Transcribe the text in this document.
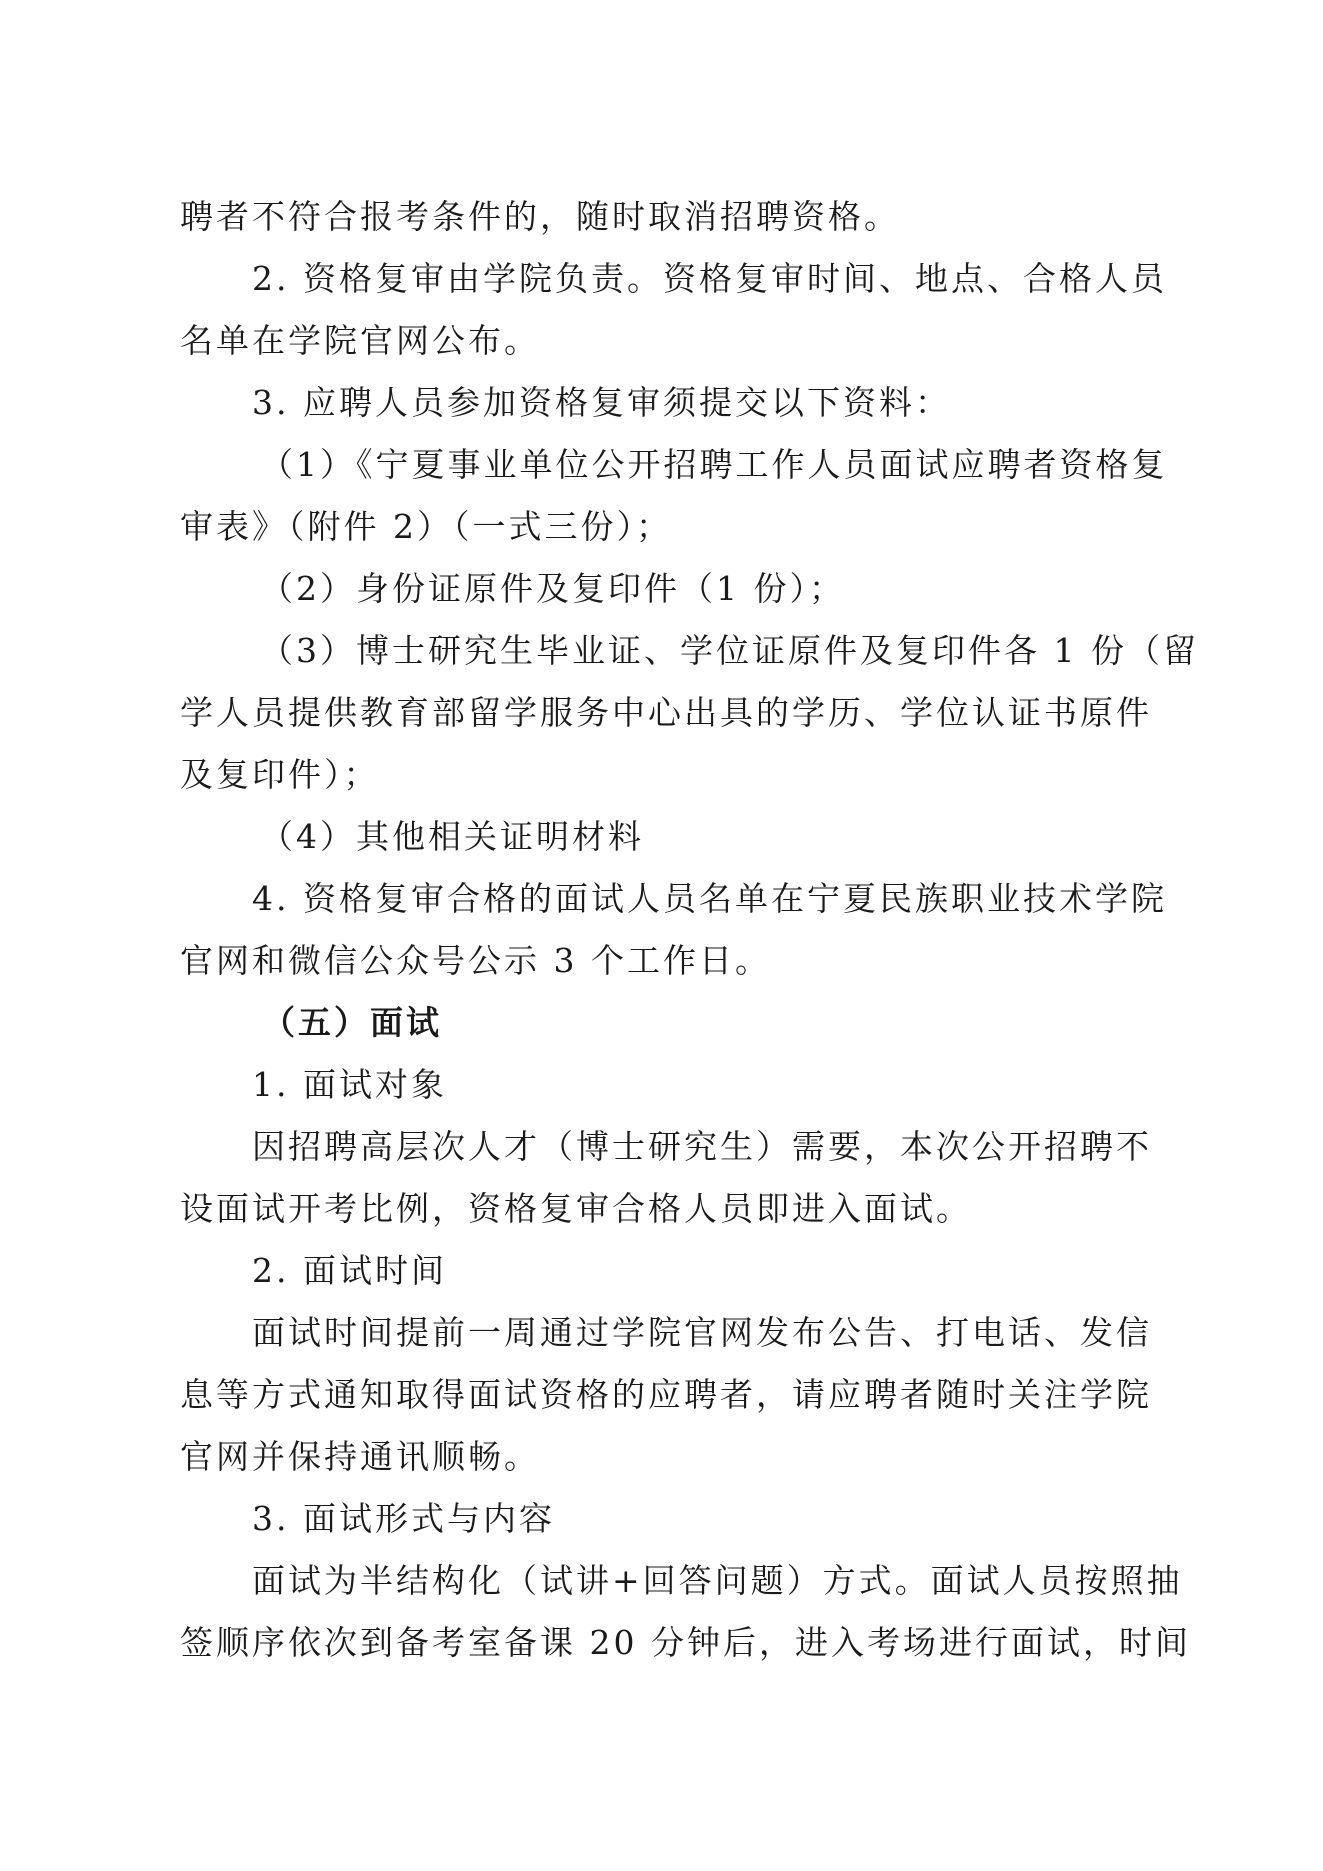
聘者不符合报考条件的，随时取消招聘资格。
2. 资格复审由学院负责。资格复审时间、地点、合格人员
名单在学院官网公布。
3. 应聘人员参加资格复审须提交以下资料：
（1）《宁夏事业单位公开招聘工作人员面试应聘者资格复
审表》（附件 2）（一式三份）；
（2）身份证原件及复印件（1 份）；
（3）博士研究生毕业证、学位证原件及复印件各 1 份（留
学人员提供教育部留学服务中心出具的学历、学位认证书原件
及复印件）；
（4）其他相关证明材料
4. 资格复审合格的面试人员名单在宁夏民族职业技术学院
官网和微信公众号公示 3 个工作日。
（五）面试
1. 面试对象
因招聘高层次人才（博士研究生）需要，本次公开招聘不
设面试开考比例，资格复审合格人员即进入面试。
2. 面试时间
面试时间提前一周通过学院官网发布公告、打电话、发信
息等方式通知取得面试资格的应聘者，请应聘者随时关注学院
官网并保持通讯顺畅。
3. 面试形式与内容
面试为半结构化（试讲+回答问题）方式。面试人员按照抽
签顺序依次到备考室备课 20 分钟后，进入考场进行面试，时间
